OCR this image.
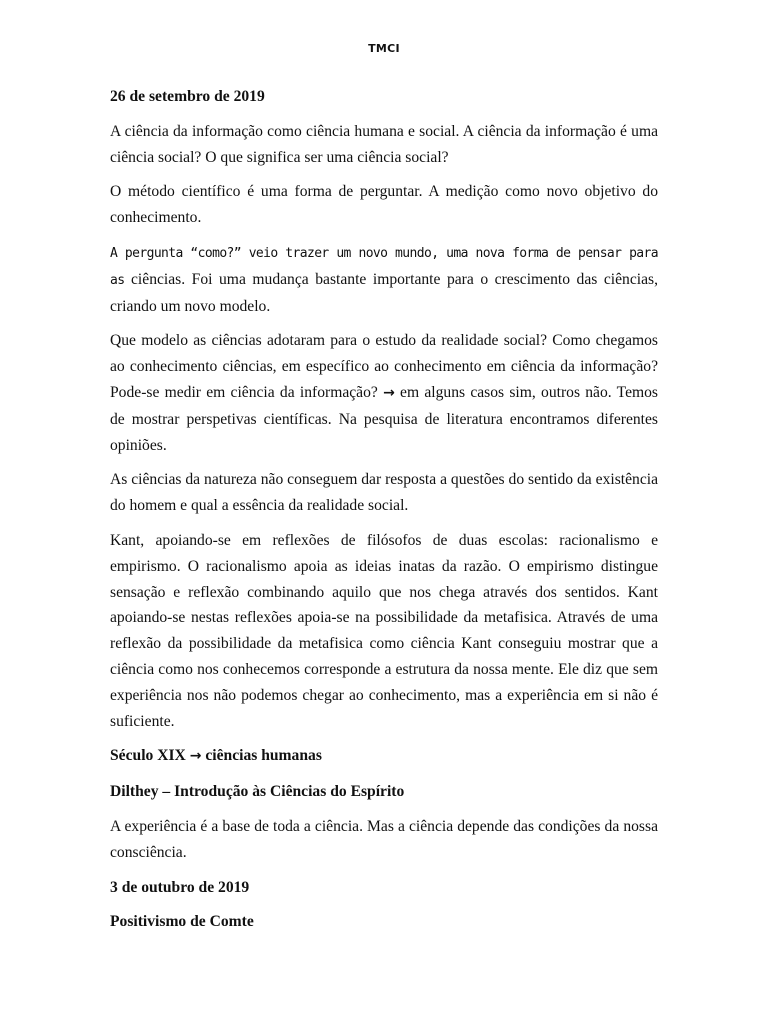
TMCI

26 de setembro de 2019

A ciência da informação como ciência humana e social. A ciência da informação é uma ciência social? O que significa ser uma ciência social?

O método científico é uma forma de perguntar. A medição como novo objetivo do conhecimento.

A pergunta “como?” veio trazer um novo mundo, uma nova forma de pensar para as ciências. Foi uma mudança bastante importante para o crescimento das ciências, criando um novo modelo.

Que modelo as ciências adotaram para o estudo da realidade social? Como chegamos ao conhecimento ciências, em específico ao conhecimento em ciência da informação? Pode-se medir em ciência da informação? → em alguns casos sim, outros não. Temos de mostrar perspetivas científicas. Na pesquisa de literatura encontramos diferentes opiniões.

As ciências da natureza não conseguem dar resposta a questões do sentido da existência do homem e qual a essência da realidade social.

Kant, apoiando-se em reflexões de filósofos de duas escolas: racionalismo e empirismo. O racionalismo apoia as ideias inatas da razão. O empirismo distingue sensação e reflexão combinando aquilo que nos chega através dos sentidos. Kant apoiando-se nestas reflexões apoia-se na possibilidade da metafisica. Através de uma reflexão da possibilidade da metafisica como ciência Kant conseguiu mostrar que a ciência como nos conhecemos corresponde a estrutura da nossa mente. Ele diz que sem experiência nos não podemos chegar ao conhecimento, mas a experiência em si não é suficiente.

Século XIX → ciências humanas

Dilthey – Introdução às Ciências do Espírito

A experiência é a base de toda a ciência. Mas a ciência depende das condições da nossa consciência.

3 de outubro de 2019

Positivismo de Comte
